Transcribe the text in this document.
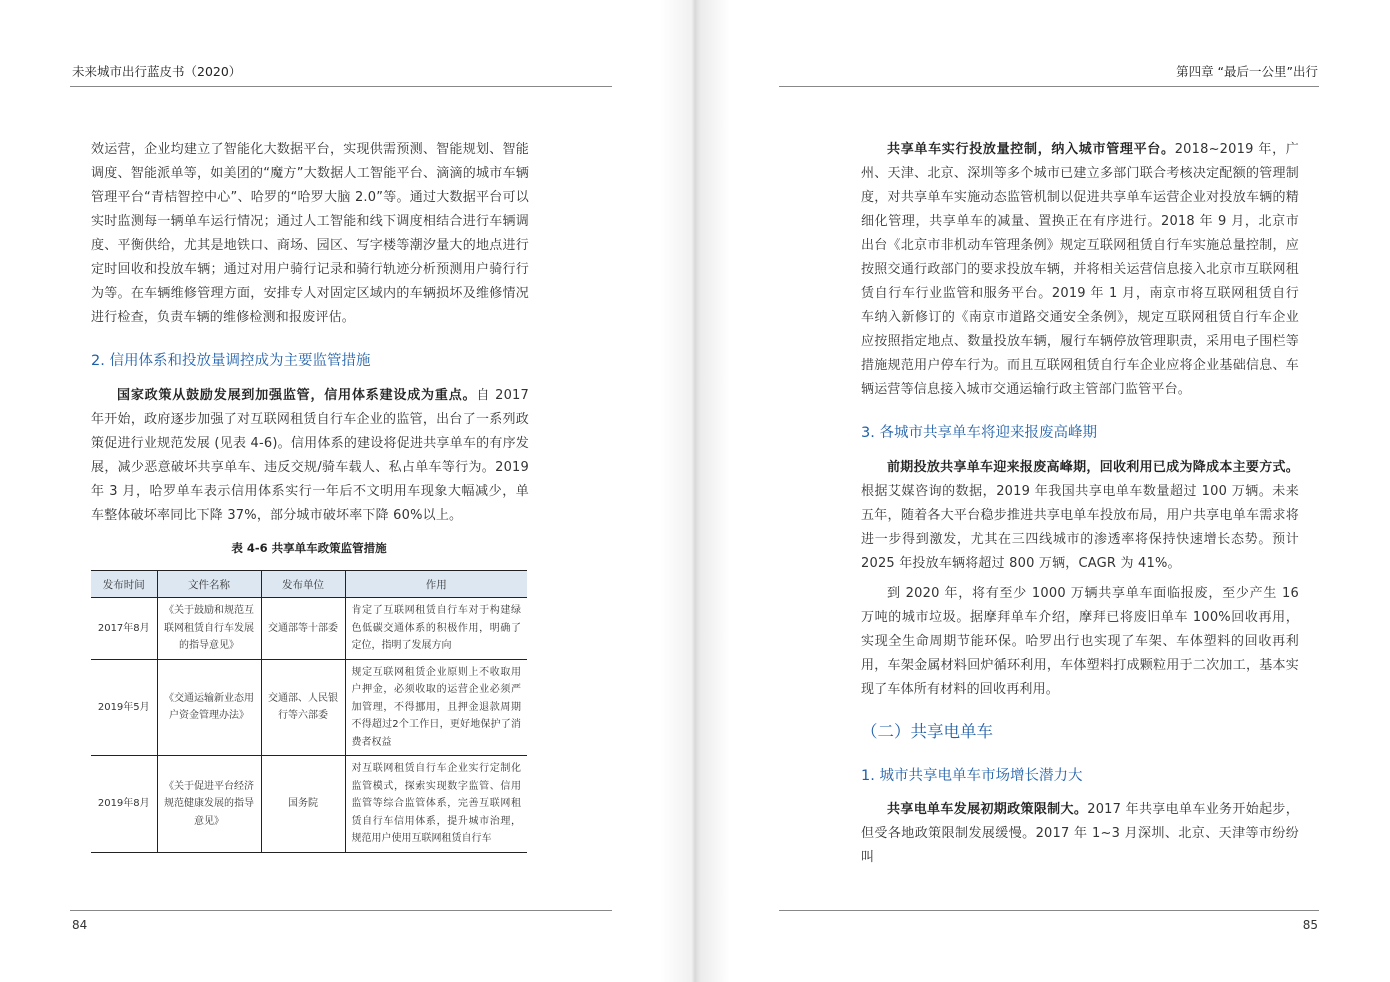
未来城市出行蓝皮书（2020）

效运营，企业均建立了智能化大数据平台，实现供需预测、智能规划、智能调度、智能派单等，如美团的“魔方”大数据人工智能平台、滴滴的城市车辆管理平台“青桔智控中心”、哈罗的“哈罗大脑 2.0”等。通过大数据平台可以实时监测每一辆单车运行情况；通过人工智能和线下调度相结合进行车辆调度、平衡供给，尤其是地铁口、商场、园区、写字楼等潮汐量大的地点进行定时回收和投放车辆；通过对用户骑行记录和骑行轨迹分析预测用户骑行行为等。在车辆维修管理方面，安排专人对固定区域内的车辆损坏及维修情况进行检查，负责车辆的维修检测和报废评估。

2. 信用体系和投放量调控成为主要监管措施

国家政策从鼓励发展到加强监管，信用体系建设成为重点。自 2017 年开始，政府逐步加强了对互联网租赁自行车企业的监管，出台了一系列政策促进行业规范发展 (见表 4-6)。信用体系的建设将促进共享单车的有序发展，减少恶意破坏共享单车、违反交规/骑车载人、私占单车等行为。2019 年 3 月，哈罗单车表示信用体系实行一年后不文明用车现象大幅减少，单车整体破坏率同比下降 37%，部分城市破坏率下降 60%以上。

表 4-6 共享单车政策监管措施
发布时间	文件名称	发布单位	作用
2017年8月	《关于鼓励和规范互联网租赁自行车发展的指导意见》	交通部等十部委	肯定了互联网租赁自行车对于构建绿色低碳交通体系的积极作用，明确了定位，指明了发展方向
2019年5月	《交通运输新业态用户资金管理办法》	交通部、人民银行等六部委	规定互联网租赁企业原则上不收取用户押金，必须收取的运营企业必须严加管理，不得挪用，且押金退款周期不得超过2个工作日，更好地保护了消费者权益
2019年8月	《关于促进平台经济规范健康发展的指导意见》	国务院	对互联网租赁自行车企业实行定制化监管模式，探索实现数字监管、信用监管等综合监管体系，完善互联网租赁自行车信用体系，提升城市治理，规范用户使用互联网租赁自行车
84
第四章 “最后一公里”出行

共享单车实行投放量控制，纳入城市管理平台。2018~2019 年，广州、天津、北京、深圳等多个城市已建立多部门联合考核决定配额的管理制度，对共享单车实施动态监管机制以促进共享单车运营企业对投放车辆的精细化管理，共享单车的减量、置换正在有序进行。2018 年 9 月，北京市出台《北京市非机动车管理条例》规定互联网租赁自行车实施总量控制，应按照交通行政部门的要求投放车辆，并将相关运营信息接入北京市互联网租赁自行车行业监管和服务平台。2019 年 1 月，南京市将互联网租赁自行车纳入新修订的《南京市道路交通安全条例》，规定互联网租赁自行车企业应按照指定地点、数量投放车辆，履行车辆停放管理职责，采用电子围栏等措施规范用户停车行为。而且互联网租赁自行车企业应将企业基础信息、车辆运营等信息接入城市交通运输行政主管部门监管平台。

3. 各城市共享单车将迎来报废高峰期

前期投放共享单车迎来报废高峰期，回收利用已成为降成本主要方式。根据艾媒咨询的数据，2019 年我国共享电单车数量超过 100 万辆。未来五年，随着各大平台稳步推进共享电单车投放布局，用户共享电单车需求将进一步得到激发，尤其在三四线城市的渗透率将保持快速增长态势。预计 2025 年投放车辆将超过 800 万辆，CAGR 为 41%。

到 2020 年，将有至少 1000 万辆共享单车面临报废，至少产生 16 万吨的城市垃圾。据摩拜单车介绍，摩拜已将废旧单车 100%回收再用，实现全生命周期节能环保。哈罗出行也实现了车架、车体塑料的回收再利用，车架金属材料回炉循环利用，车体塑料打成颗粒用于二次加工，基本实现了车体所有材料的回收再利用。

（二）共享电单车
1. 城市共享电单车市场增长潜力大

共享电单车发展初期政策限制大。2017 年共享电单车业务开始起步，但受各地政策限制发展缓慢。2017 年 1~3 月深圳、北京、天津等市纷纷叫

85
